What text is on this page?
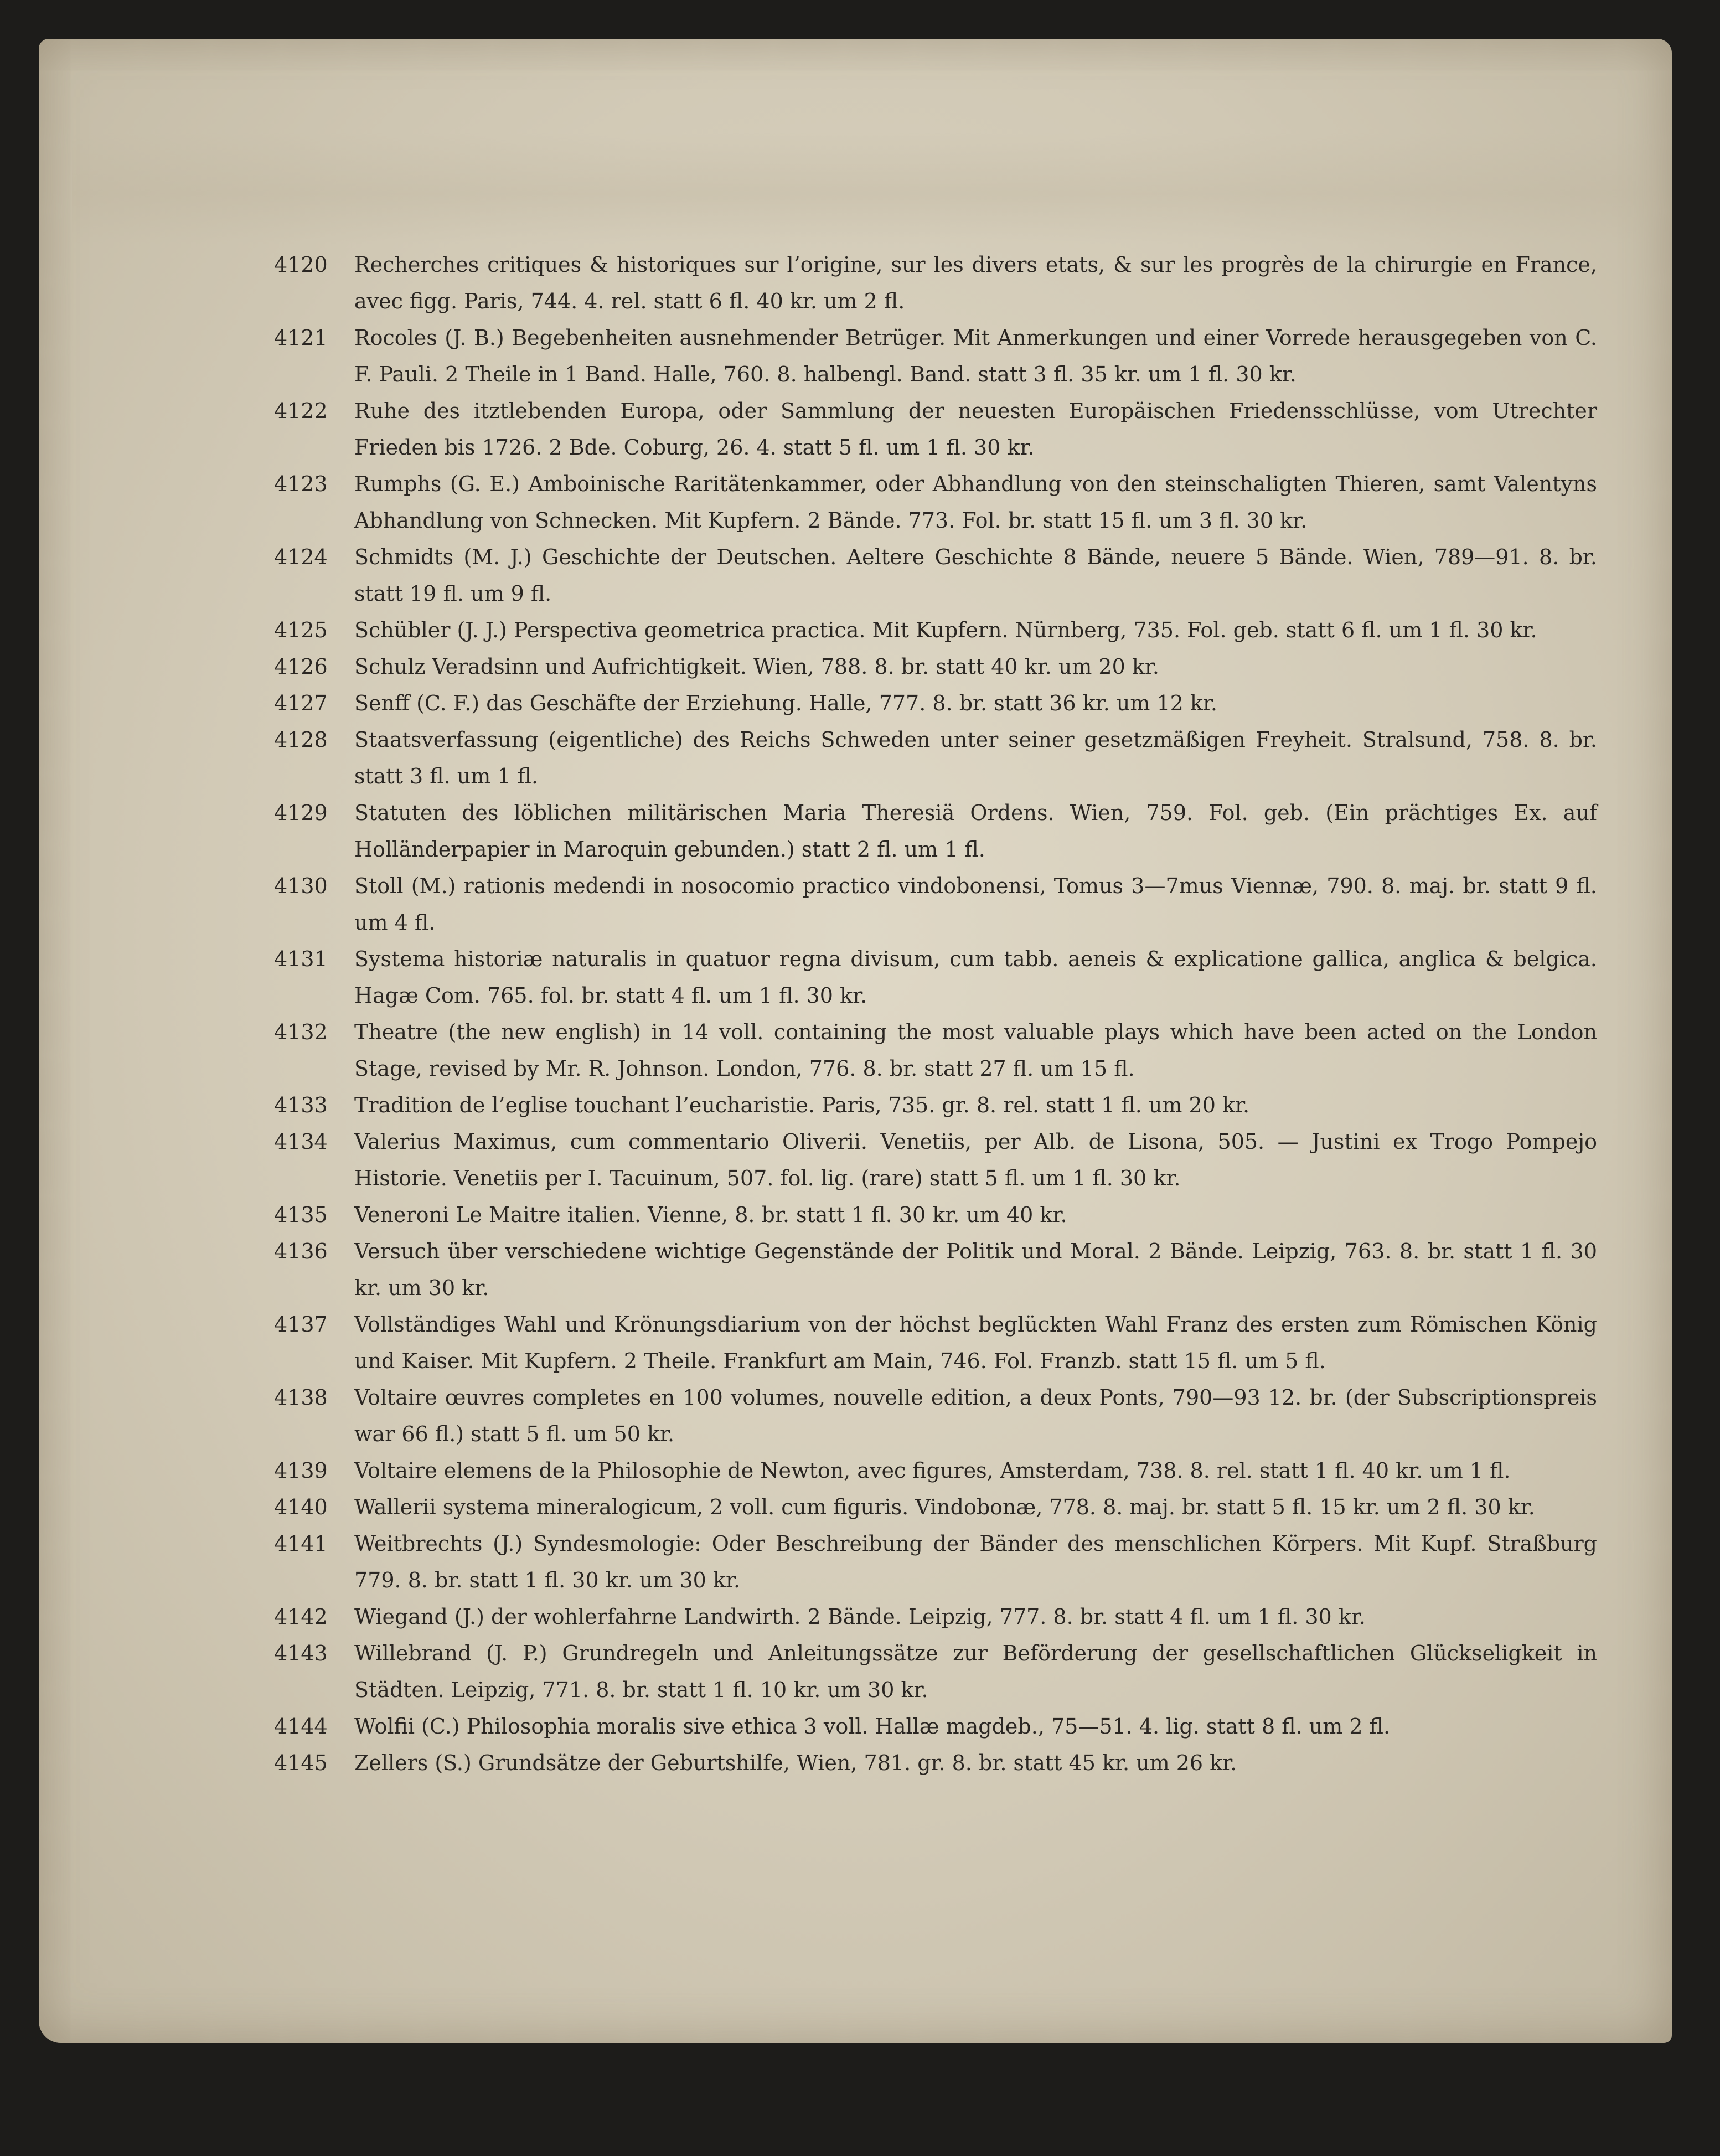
4120	Recherches critiques & historiques sur l’origine, sur les divers etats, & sur les progrès de la chirurgie en France, avec figg. Paris, 744. 4. rel. statt 6 fl. 40 kr. um 2 fl.
4121	Rocoles (J. B.) Begebenheiten ausnehmender Betrüger. Mit Anmerkungen und einer Vorrede herausgegeben von C. F. Pauli. 2 Theile in 1 Band. Halle, 760. 8. halbengl. Band. statt 3 fl. 35 kr. um 1 fl. 30 kr.
4122	Ruhe des itztlebenden Europa, oder Sammlung der neuesten Europäischen Friedensschlüsse, vom Utrechter Frieden bis 1726. 2 Bde. Coburg, 26. 4. statt 5 fl. um 1 fl. 30 kr.
4123	Rumphs (G. E.) Amboinische Raritätenkammer, oder Abhandlung von den steinschaligten Thieren, samt Valentyns Abhandlung von Schnecken. Mit Kupfern. 2 Bände. 773. Fol. br. statt 15 fl. um 3 fl. 30 kr.
4124	Schmidts (M. J.) Geschichte der Deutschen. Aeltere Geschichte 8 Bände, neuere 5 Bände. Wien, 789—91. 8. br. statt 19 fl. um 9 fl.
4125	Schübler (J. J.) Perspectiva geometrica practica. Mit Kupfern. Nürnberg, 735. Fol. geb. statt 6 fl. um 1 fl. 30 kr.
4126	Schulz Veradsinn und Aufrichtigkeit. Wien, 788. 8. br. statt 40 kr. um 20 kr.
4127	Senff (C. F.) das Geschäfte der Erziehung. Halle, 777. 8. br. statt 36 kr. um 12 kr.
4128	Staatsverfassung (eigentliche) des Reichs Schweden unter seiner gesetzmäßigen Freyheit. Stralsund, 758. 8. br. statt 3 fl. um 1 fl.
4129	Statuten des löblichen militärischen Maria Theresiä Ordens. Wien, 759. Fol. geb. (Ein prächtiges Ex. auf Holländerpapier in Maroquin gebunden.) statt 2 fl. um 1 fl.
4130	Stoll (M.) rationis medendi in nosocomio practico vindobonensi, Tomus 3—7mus Viennæ, 790. 8. maj. br. statt 9 fl. um 4 fl.
4131	Systema historiæ naturalis in quatuor regna divisum, cum tabb. aeneis & explicatione gallica, anglica & belgica. Hagæ Com. 765. fol. br. statt 4 fl. um 1 fl. 30 kr.
4132	Theatre (the new english) in 14 voll. containing the most valuable plays which have been acted on the London Stage, revised by Mr. R. Johnson. London, 776. 8. br. statt 27 fl. um 15 fl.
4133	Tradition de l’eglise touchant l’eucharistie. Paris, 735. gr. 8. rel. statt 1 fl. um 20 kr.
4134	Valerius Maximus, cum commentario Oliverii. Venetiis, per Alb. de Lisona, 505. — Justini ex Trogo Pompejo Historie. Venetiis per I. Tacuinum, 507. fol. lig. (rare) statt 5 fl. um 1 fl. 30 kr.
4135	Veneroni Le Maitre italien. Vienne, 8. br. statt 1 fl. 30 kr. um 40 kr.
4136	Versuch über verschiedene wichtige Gegenstände der Politik und Moral. 2 Bände. Leipzig, 763. 8. br. statt 1 fl. 30 kr. um 30 kr.
4137	Vollständiges Wahl und Krönungsdiarium von der höchst beglückten Wahl Franz des ersten zum Römischen König und Kaiser. Mit Kupfern. 2 Theile. Frankfurt am Main, 746. Fol. Franzb. statt 15 fl. um 5 fl.
4138	Voltaire œuvres completes en 100 volumes, nouvelle edition, a deux Ponts, 790—93 12. br. (der Subscriptionspreis war 66 fl.) statt 5 fl. um 50 kr.
4139	Voltaire elemens de la Philosophie de Newton, avec figures, Amsterdam, 738. 8. rel. statt 1 fl. 40 kr. um 1 fl.
4140	Wallerii systema mineralogicum, 2 voll. cum figuris. Vindobonæ, 778. 8. maj. br. statt 5 fl. 15 kr. um 2 fl. 30 kr.
4141	Weitbrechts (J.) Syndesmologie: Oder Beschreibung der Bänder des menschlichen Körpers. Mit Kupf. Straßburg 779. 8. br. statt 1 fl. 30 kr. um 30 kr.
4142	Wiegand (J.) der wohlerfahrne Landwirth. 2 Bände. Leipzig, 777. 8. br. statt 4 fl. um 1 fl. 30 kr.
4143	Willebrand (J. P.) Grundregeln und Anleitungssätze zur Beförderung der gesellschaftlichen Glückseligkeit in Städten. Leipzig, 771. 8. br. statt 1 fl. 10 kr. um 30 kr.
4144	Wolfii (C.) Philosophia moralis sive ethica 3 voll. Hallæ magdeb., 75—51. 4. lig. statt 8 fl. um 2 fl.
4145	Zellers (S.) Grundsätze der Geburtshilfe, Wien, 781. gr. 8. br. statt 45 kr. um 26 kr.
